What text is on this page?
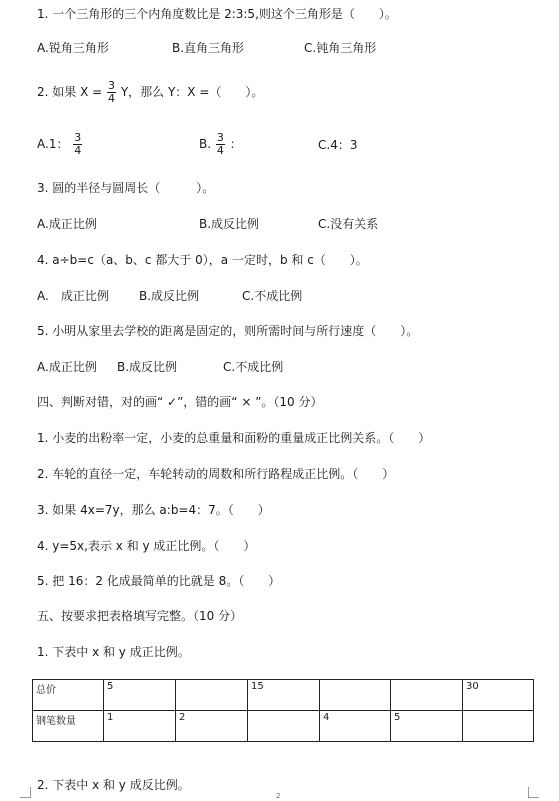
1. 一个三角形的三个内角度数比是 2:3:5,则这个三角形是（　　）。
A.锐角三角形	B.直角三角形	C.钝角三角形
2. 如果 $X = \frac{3}{4}$ Y，那么 Y：X =（　　）。
A.1： $\frac{3}{4}$	B. $\frac{3}{4}$ ：	C.4：3
3. 圆的半径与圆周长（　　　）。
A.成正比例	B.成反比例	C.没有关系
4. a÷b=c（a、b、c 都大于 0），a 一定时，b 和 c（　　）。
A.　成正比例	B.成反比例	C.不成比例
5. 小明从家里去学校的距离是固定的，则所需时间与所行速度（　　）。
A.成正比例 B.成反比例	C.不成比例
四、判断对错，对的画“ ✓”，错的画“ × ”。（10 分）
1. 小麦的出粉率一定，小麦的总重量和面粉的重量成正比例关系。（　　）
2. 车轮的直径一定，车轮转动的周数和所行路程成正比例。（　　）
3. 如果 4x=7y，那么 a:b=4：7。（　　）
4. y=5x,表示 x 和 y 成正比例。（　　）
5. 把 16：2 化成最简单的比就是 8。（　　）
五、按要求把表格填写完整。（10 分）
1. 下表中 x 和 y 成正比例。
总价	5		15			30
钢笔数量	1	2		4	5	
2. 下表中 x 和 y 成反比例。
2
